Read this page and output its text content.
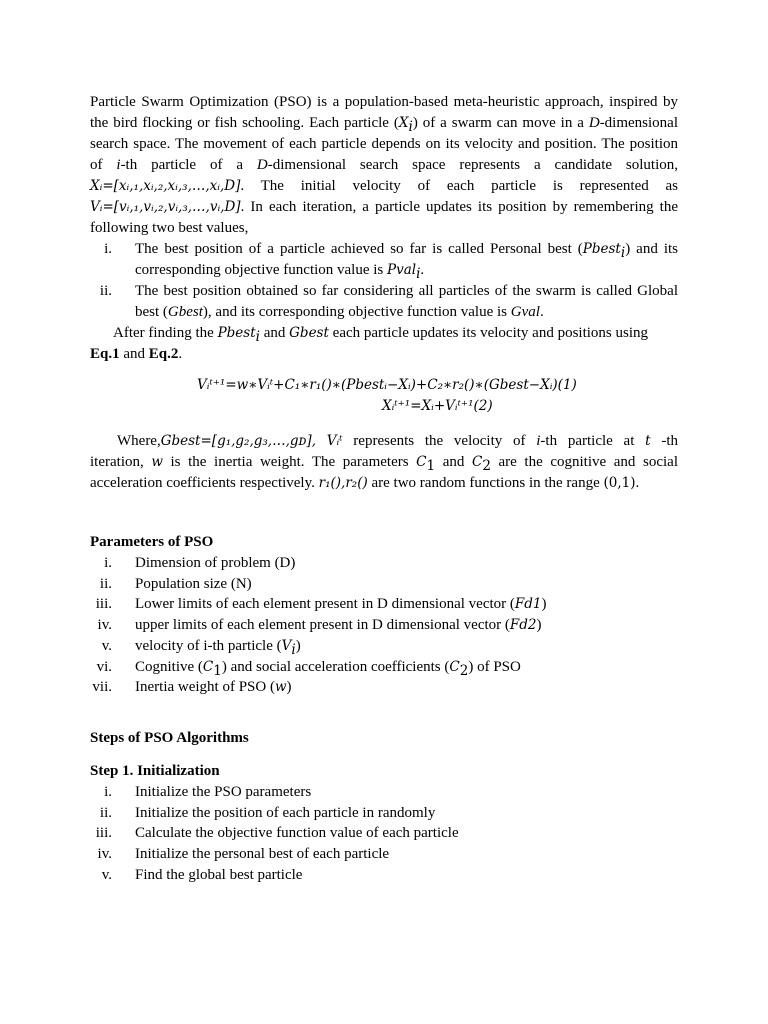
Particle Swarm Optimization (PSO) is a population-based meta-heuristic approach, inspired by
the bird flocking or fish schooling. Each particle $(X_i)$ of a swarm can move in a D-dimensional
search space. The movement of each particle depends on its velocity and position. The position
of i-th particle of a D-dimensional search space represents a candidate solution,
Xᵢ=[xᵢ,₁,xᵢ,₂,xᵢ,₃,…,xᵢ,D]. The initial velocity of each particle is represented as
Vᵢ=[vᵢ,₁,vᵢ,₂,vᵢ,₃,…,vᵢ,D]. In each iteration, a particle updates its position by remembering the
following two best values,

i. The best position of a particle achieved so far is called Personal best (Pbest$_i$) and its corresponding objective function value is Pval$_i$.
ii. The best position obtained so far considering all particles of the swarm is called Global best (Gbest), and its corresponding objective function value is Gval.

After finding the Pbest$_i$ and Gbest each particle updates its velocity and positions using Eq.1 and Eq.2.

Vᵢᵗ⁺¹=w∗Vᵢᵗ+C₁∗r₁()∗(Pbestᵢ−Xᵢ)+C₂∗r₂()∗(Gbest−Xᵢ)(1)
Xᵢᵗ⁺¹=Xᵢ+Vᵢᵗ⁺¹(2)

Where,Gbest=[g₁,g₂,g₃,…,gᴅ], Vᵢᵗ represents the velocity of i-th particle at t -th
iteration, w is the inertia weight. The parameters $C_1$ and $C_2$ are the cognitive and social
acceleration coefficients respectively. r₁(),r₂() are two random functions in the range (0,1).

Parameters of PSO
i. Dimension of problem (D)
ii. Population size (N)
iii. Lower limits of each element present in D dimensional vector (Fd1)
iv. upper limits of each element present in D dimensional vector (Fd2)
v. velocity of i-th particle $(V_i)$
vi. Cognitive $(C_1)$ and social acceleration coefficients $(C_2)$ of PSO
vii. Inertia weight of PSO (w)
Steps of PSO Algorithms
Step 1. Initialization
i. Initialize the PSO parameters
ii. Initialize the position of each particle in randomly
iii. Calculate the objective function value of each particle
iv. Initialize the personal best of each particle
v. Find the global best particle
